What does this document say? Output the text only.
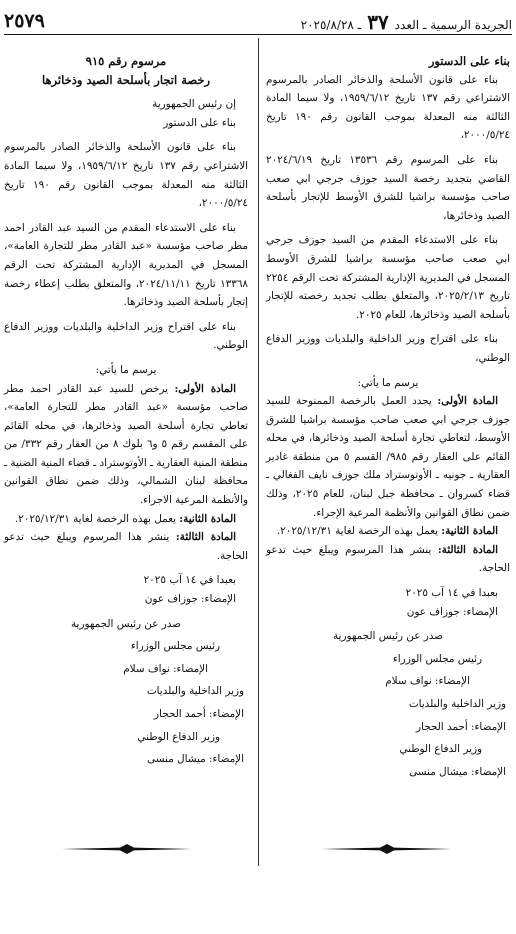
الجريدة الرسمية ـ العدد
٣٧
ـ ٢٠٢٥/٨/٢٨
٢٥٧٩

بناء على الدستور

بناء على قانون الأسلحة والذخائر الصادر بالمرسوم الاشتراعي رقم ١٣٧ تاريخ ١٩٥٩/٦/١٢، ولا سيما المادة الثالثة منه المعدلة بموجب القانون رقم ١٩٠ تاريخ ٢٠٠٠/٥/٢٤،

بناء على المرسوم رقم ١٣٥٣٦ تاريخ ٢٠٢٤/٦/١٩ القاضي بتجديد رخصة السيد جوزف جرجي ابي صعب صاحب مؤسسة براشيا للشرق الأوسط للإتجار بأسلحة الصيد وذخائرها،

بناء على الاستدعاء المقدم من السيد جوزف جرجي ابي صعب صاحب مؤسسة براشيا للشرق الأوسط المسجل في المديرية الإدارية المشتركة تحت الرقم ٢٢٥٤ تاريخ ٢٠٢٥/٢/١٣، والمتعلق بطلب تجديد رخصته للإتجار بأسلحة الصيد وذخائرها، للعام ٢٠٢٥.

بناء على اقتراح وزير الداخلية والبلديات ووزير الدفاع الوطني،

يرسم ما يأتي:

المادة الأولى: يجدد العمل بالرخصة الممنوحة للسيد جوزف جرجي ابي صعب صاحب مؤسسة براشيا للشرق الأوسط، لتعاطي تجارة أسلحة الصيد وذخائرها، في محله القائم على العقار رقم ٩٨٥/ القسم ٥ من منطقة غادير العقارية ـ جونيه ـ الأوتوستراد ملك جوزف نايف الفغالي ـ قضاء كسروان ـ محافظة جبل لبنان، للعام ٢٠٢٥، وذلك ضمن نطاق القوانين والأنظمة المرعية الإجراء.

المادة الثانية: يعمل بهذه الرخصة لغاية ٢٠٢٥/١٢/٣١.

المادة الثالثة: ينشر هذا المرسوم ويبلغ حيث تدعو الحاجة.

بعبدا في ١٤ آب ٢٠٢٥

الإمضاء: جوزاف عون

صدر عن رئيس الجمهورية

رئيس مجلس الوزراء

الإمضاء: نواف سلام

وزير الداخلية والبلديات

الإمضاء: أحمد الحجار

وزير الدفاع الوطني

الإمضاء: ميشال منسى

مرسوم رقم ٩١٥

رخصة اتجار بأسلحة الصيد وذخائرها

إن رئيس الجمهورية

بناء على الدستور

بناء على قانون الأسلحة والذخائر الصادر بالمرسوم الاشتراعي رقم ١٣٧ تاريخ ١٩٥٩/٦/١٢، ولا سيما المادة الثالثة منه المعدلة بموجب القانون رقم ١٩٠ تاريخ ٢٠٠٠/٥/٢٤،

بناء على الاستدعاء المقدم من السيد عبد القادر احمد مطر صاحب مؤسسة «عبد القادر مطر للتجارة العامة»، المسجل في المديرية الإدارية المشتركة تحت الرقم ١٣٣٦٨ تاريخ ٢٠٢٤/١١/١١، والمتعلق بطلب إعطاء رخصة إتجار بأسلحة الصيد وذخائرها.

بناء على اقتراح وزير الداخلية والبلديات ووزير الدفاع الوطني.

يرسم ما يأتي:

المادة الأولى: يرخص للسيد عبد القادر احمد مطر صاحب مؤسسة «عبد القادر مطر للتجارة العامة»، تعاطي تجارة أسلحة الصيد وذخائرها، في محله القائم على المقسم رقم ٥ و٦ بلوك ٨ من العقار رقم ٣٣٢/ من منطقة المنية العقارية ـ الأوتوستراد ـ قضاء المنية الضنية ـ محافظة لبنان الشمالي، وذلك ضمن نطاق القوانين والأنظمة المرعية الاجراء.

المادة الثانية: يعمل بهذه الرخصة لغاية ٢٠٢٥/١٢/٣١.

المادة الثالثة: ينشر هذا المرسوم ويبلغ حيث تدعو الحاجة.

بعبدا في ١٤ آب ٢٠٢٥

الإمضاء: جوزاف عون

صدر عن رئيس الجمهورية

رئيس مجلس الوزراء

الإمضاء: نواف سلام

وزير الداخلية والبلديات

الإمضاء: أحمد الحجار

وزير الدفاع الوطني

الإمضاء: ميشال منسى
